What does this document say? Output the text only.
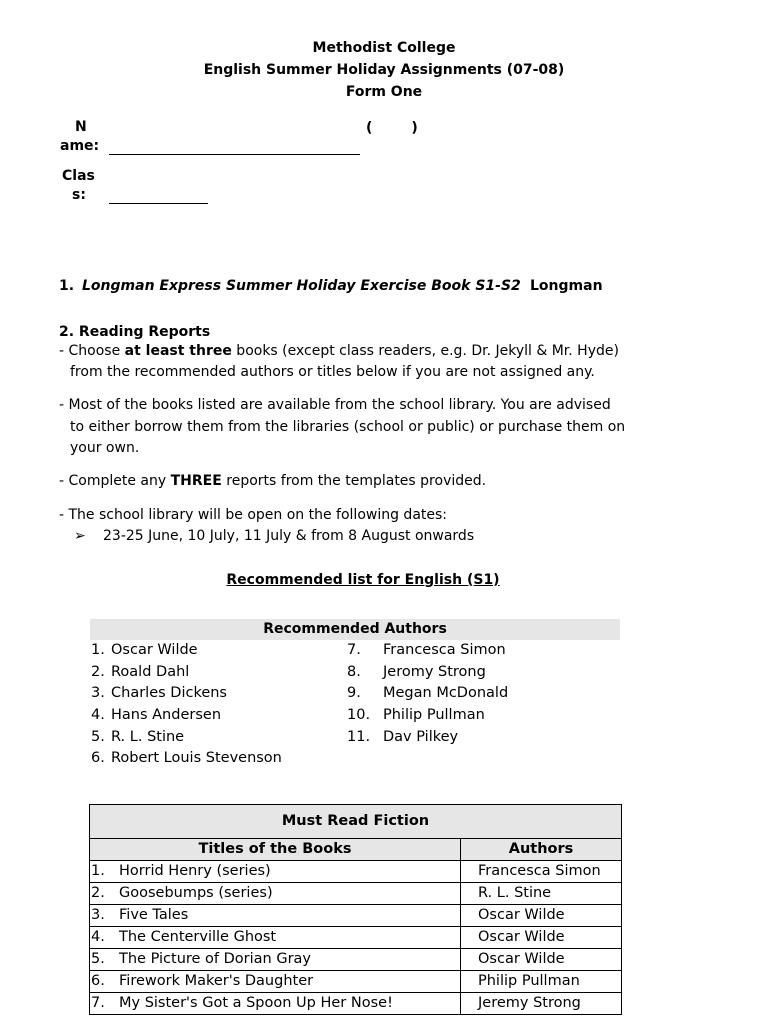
Methodist College
English Summer Holiday Assignments (07-08)
Form One
N
ame:
(        )
Clas
s:
1. Longman Express Summer Holiday Exercise Book S1-S2 Longman
2. Reading Reports
- Choose at least three books (except class readers, e.g. Dr. Jekyll & Mr. Hyde)
from the recommended authors or titles below if you are not assigned any.
- Most of the books listed are available from the school library. You are advised
to either borrow them from the libraries (school or public) or purchase them on
your own.
- Complete any THREE reports from the templates provided.
- The school library will be open on the following dates:
➢ 23-25 June, 10 July, 11 July & from 8 August onwards
Recommended list for English (S1)
Recommended Authors
1. Oscar Wilde
2. Roald Dahl
3. Charles Dickens
4. Hans Andersen
5. R. L. Stine
6. Robert Louis Stevenson
7. Francesca Simon
8. Jeromy Strong
9. Megan McDonald
10. Philip Pullman
11. Dav Pilkey
Must Read Fiction	
Titles of the Books	Authors
1. Horrid Henry (series)	Francesca Simon
2. Goosebumps (series)	R. L. Stine
3. Five Tales	Oscar Wilde
4. The Centerville Ghost	Oscar Wilde
5. The Picture of Dorian Gray	Oscar Wilde
6. Firework Maker's Daughter	Philip Pullman
7. My Sister's Got a Spoon Up Her Nose!	Jeremy Strong
